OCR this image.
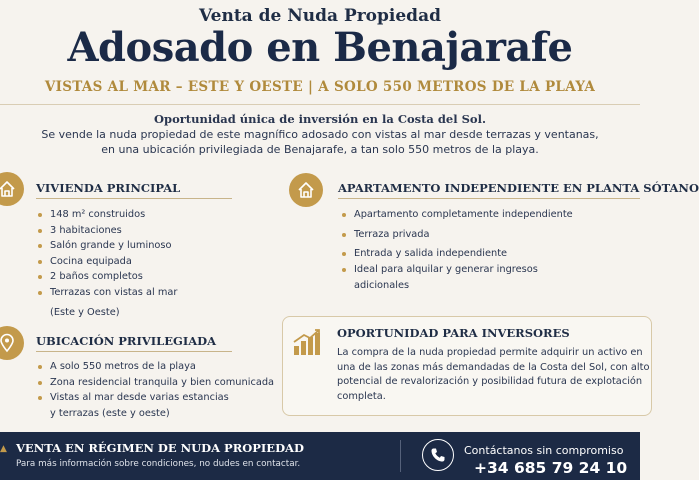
Venta de Nuda Propiedad
Adosado en Benajarafe
VISTAS AL MAR – ESTE Y OESTE | A SOLO 550 METROS DE LA PLAYA
Oportunidad única de inversión en la Costa del Sol.
Se vende la nuda propiedad de este magnífico adosado con vistas al mar desde terrazas y ventanas,
en una ubicación privilegiada de Benajarafe, a tan solo 550 metros de la playa.
VIVIENDA PRINCIPAL
148 m² construidos
3 habitaciones
Salón grande y luminoso
Cocina equipada
2 baños completos
Terrazas con vistas al mar
(Este y Oeste)
APARTAMENTO INDEPENDIENTE EN PLANTA SÓTANO
Apartamento completamente independiente
Terraza privada
Entrada y salida independiente
Ideal para alquilar y generar ingresos
adicionales
UBICACIÓN PRIVILEGIADA
A solo 550 metros de la playa
Zona residencial tranquila y bien comunicada
Vistas al mar desde varias estancias
y terrazas (este y oeste)
OPORTUNIDAD PARA INVERSORES
La compra de la nuda propiedad permite adquirir un activo en
una de las zonas más demandadas de la Costa del Sol, con alto
potencial de revalorización y posibilidad futura de explotación
completa.
▲ VENTA EN RÉGIMEN DE NUDA PROPIEDAD
Para más información sobre condiciones, no dudes en contactar.
Contáctanos sin compromiso
+34 685 79 24 10
